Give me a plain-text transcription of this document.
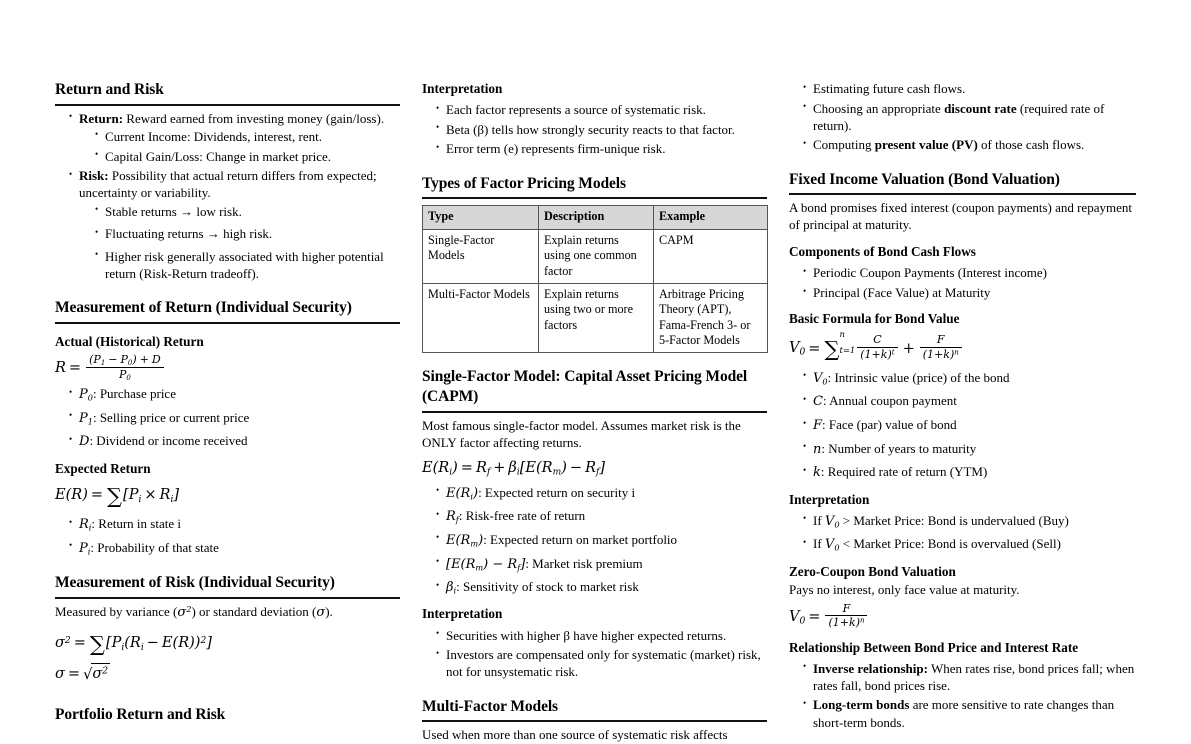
Return and Risk
• Return: Reward earned from investing money (gain/loss).
• Current Income: Dividends, interest, rent.
• Capital Gain/Loss: Change in market price.
• Risk: Possibility that actual return differs from expected; uncertainty or variability.
• Stable returns → low risk.
• Fluctuating returns → high risk.
• Higher risk generally associated with higher potential return (Risk-Return tradeoff).
Measurement of Return (Individual Security)
Actual (Historical) Return
$R = \frac{(P_1 - P_0) + D}{P_0}$
• $P_0$: Purchase price
• $P_1$: Selling price or current price
• D: Dividend or income received
Expected Return
$E(R) = \sum[P_i \times R_i]$
• $R_i$: Return in state i
• $P_i$: Probability of that state
Measurement of Risk (Individual Security)

Measured by variance $(\sigma^2)$ or standard deviation (σ).

$\sigma^2 = \sum[P_i(R_i - E(R))^2]$
$\sigma = √\sigma^2$
Portfolio Return and Risk
Interpretation
• Each factor represents a source of systematic risk.
• Beta (β) tells how strongly security reacts to that factor.
• Error term (e) represents firm-unique risk.
Types of Factor Pricing Models
Type	Description	Example
Single-Factor Models	Explain returns using one common factor	CAPM
Multi-Factor Models	Explain returns using two or more factors	Arbitrage Pricing Theory (APT), Fama-French 3- or 5-Factor Models
Single-Factor Model: Capital Asset Pricing Model (CAPM)

Most famous single-factor model. Assumes market risk is the ONLY factor affecting returns.

$E(R_i) = R_f + \beta_i[E(R_m) - R_f]$
• $E(R_i)$: Expected return on security i
• $R_f$: Risk-free rate of return
• $E(R_m)$: Expected return on market portfolio
• $[E(R_m) - R_f]$: Market risk premium
• $\beta_i$: Sensitivity of stock to market risk
Interpretation
• Securities with higher β have higher expected returns.
• Investors are compensated only for systematic (market) risk, not for unsystematic risk.
Multi-Factor Models

Used when more than one source of systematic risk affects

• Estimating future cash flows.
• Choosing an appropriate discount rate (required rate of return).
• Computing present value (PV) of those cash flows.
Fixed Income Valuation (Bond Valuation)

A bond promises fixed interest (coupon payments) and repayment of principal at maturity.

Components of Bond Cash Flows
• Periodic Coupon Payments (Interest income)
• Principal (Face Value) at Maturity
Basic Formula for Bond Value
$V_0$ = ∑
n
$t=1 \frac{C}{(1+k)^t} + \frac{F}{(1+k)^n}$
• $V_0$: Intrinsic value (price) of the bond
• C: Annual coupon payment
• F: Face (par) value of bond
• n: Number of years to maturity
• k: Required rate of return (YTM)
Interpretation
• If $V_0$ > Market Price: Bond is undervalued (Buy)
• If $V_0$ < Market Price: Bond is overvalued (Sell)
Zero-Coupon Bond Valuation

Pays no interest, only face value at maturity.

$V_0 = \frac{F}{(1+k)^n}$
Relationship Between Bond Price and Interest Rate
• Inverse relationship: When rates rise, bond prices fall; when rates fall, bond prices rise.
• Long-term bonds are more sensitive to rate changes than short-term bonds.
